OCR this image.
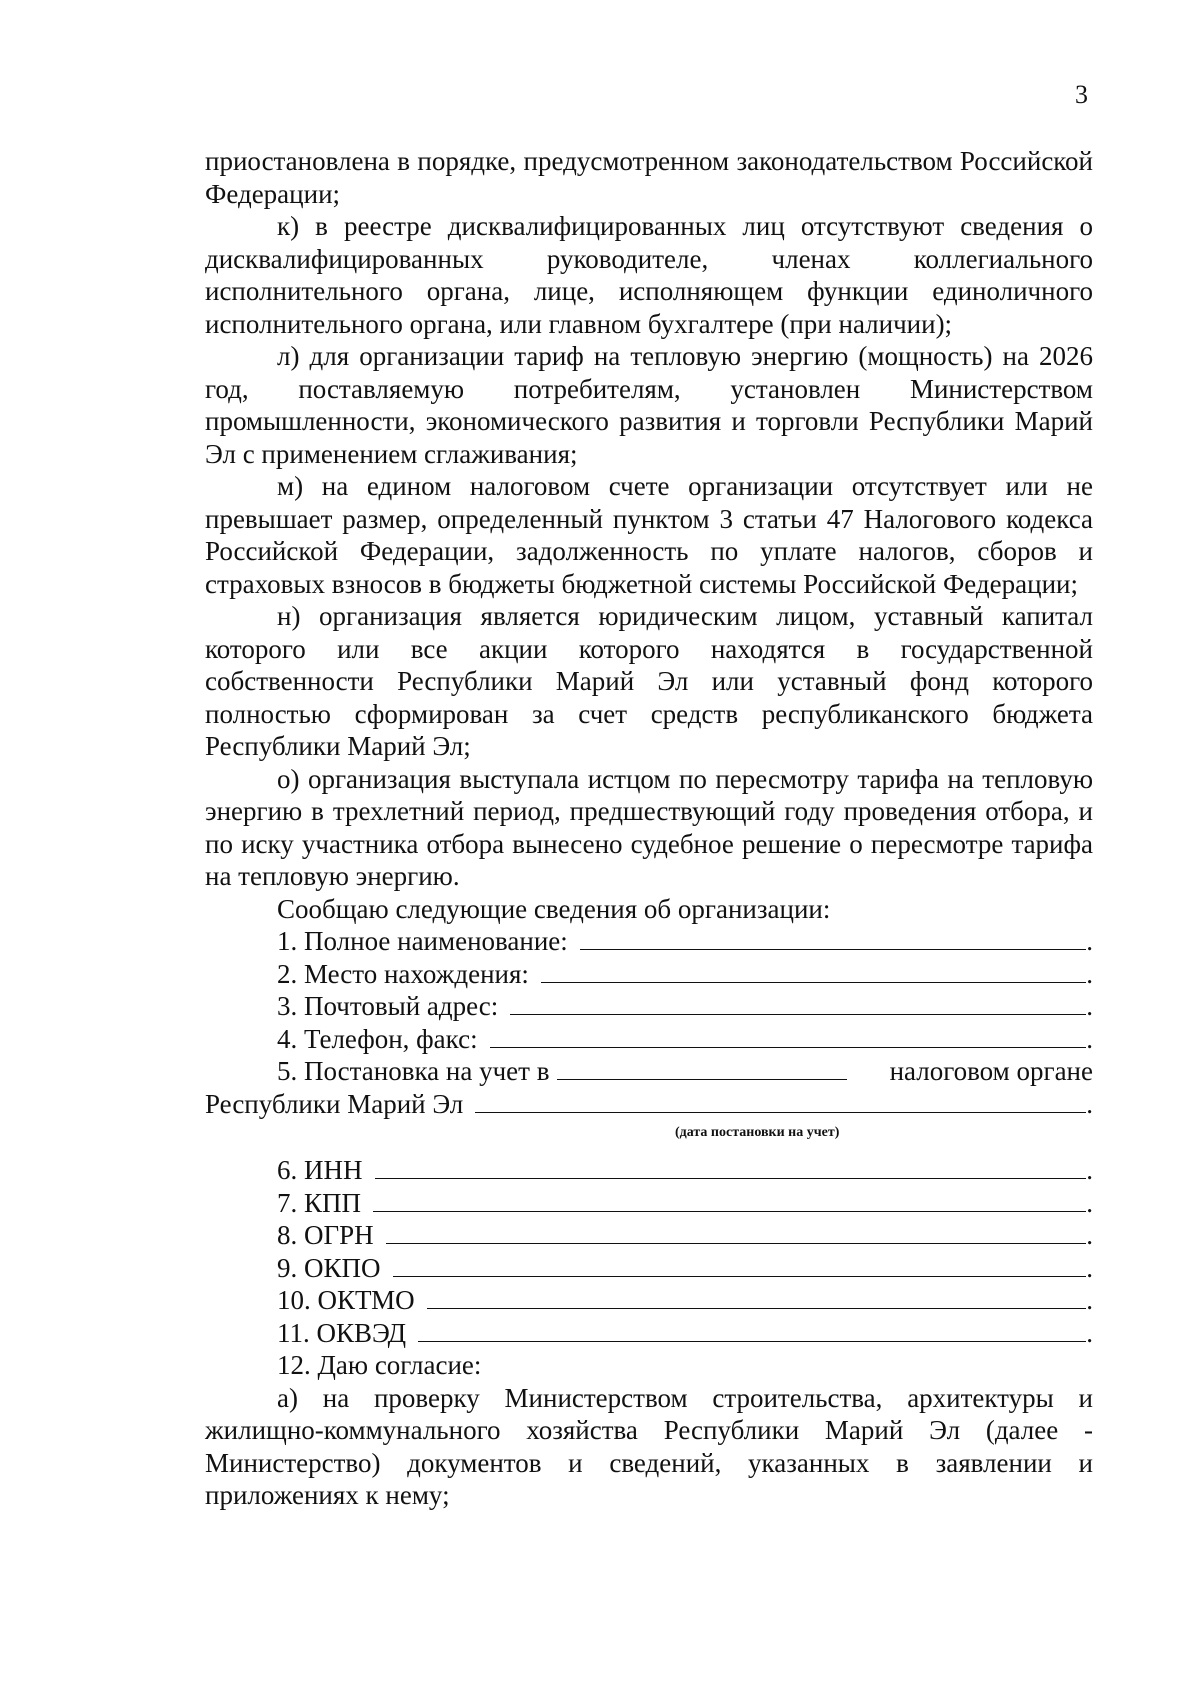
3

приостановлена в порядке, предусмотренном законодательством Российской Федерации;

к) в реестре дисквалифицированных лиц отсутствуют сведения о дисквалифицированных руководителе, членах коллегиального исполнительного органа, лице, исполняющем функции единоличного исполнительного органа, или главном бухгалтере (при наличии);

л) для организации тариф на тепловую энергию (мощность) на 2026 год, поставляемую потребителям, установлен Министерством промышленности, экономического развития и торговли Республики Марий Эл с применением сглаживания;

м) на едином налоговом счете организации отсутствует или не превышает размер, определенный пунктом 3 статьи 47 Налогового кодекса Российской Федерации, задолженность по уплате налогов, сборов и страховых взносов в бюджеты бюджетной системы Российской Федерации;

н) организация является юридическим лицом, уставный капитал которого или все акции которого находятся в государственной собственности Республики Марий Эл или уставный фонд которого полностью сформирован за счет средств республиканского бюджета Республики Марий Эл;

о) организация выступала истцом по пересмотру тарифа на тепловую энергию в трехлетний период, предшествующий году проведения отбора, и по иску участника отбора вынесено судебное решение о пересмотре тарифа на тепловую энергию.

Сообщаю следующие сведения об организации:

1. Полное наименование:	.
2. Место нахождения:	.
3. Почтовый адрес:	.
4. Телефон, факс:	.
5. Постановка на учет в	налоговом органе
Республики Марий Эл	.
(дата постановки на учет)
6. ИНН	.
7. КПП	.
8. ОГРН	.
9. ОКПО	.
10. ОКТМО	.
11. ОКВЭД	.

12. Даю согласие:

а) на проверку Министерством строительства, архитектуры и жилищно-коммунального хозяйства Республики Марий Эл (далее - Министерство) документов и сведений, указанных в заявлении и приложениях к нему;
